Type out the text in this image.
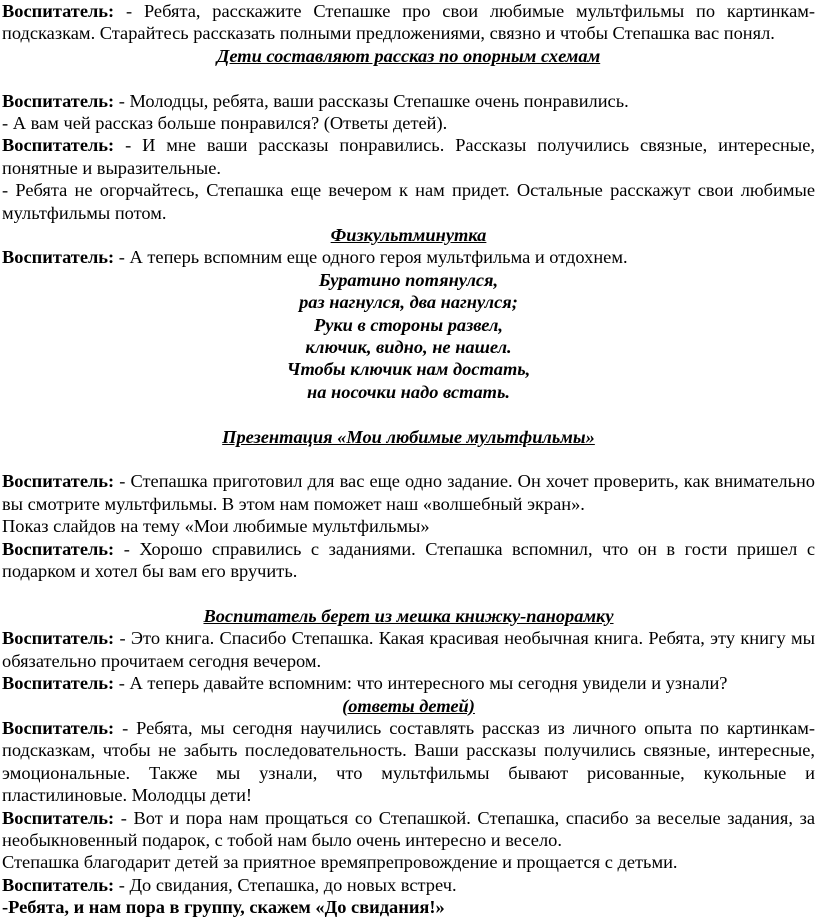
Воспитатель: - Ребята, расскажите Степашке про свои любимые мультфильмы по картинкам-подсказкам. Старайтесь рассказать полными предложениями, связно и чтобы Степашка вас понял.

Дети составляют рассказ по опорным схемам

Воспитатель: - Молодцы, ребята, ваши рассказы Степашке очень понравились.

- А вам чей рассказ больше понравился? (Ответы детей).

Воспитатель: - И мне ваши рассказы понравились. Рассказы получились связные, интересные, понятные и выразительные.

- Ребята не огорчайтесь, Степашка еще вечером к нам придет. Остальные расскажут свои любимые мультфильмы потом.

Физкультминутка

Воспитатель: - А теперь вспомним еще одного героя мультфильма и отдохнем.

Буратино потянулся,

раз нагнулся, два нагнулся;

Руки в стороны развел,

ключик, видно, не нашел.

Чтобы ключик нам достать,

на носочки надо встать.

Презентация «Мои любимые мультфильмы»

Воспитатель: - Степашка приготовил для вас еще одно задание. Он хочет проверить, как внимательно вы смотрите мультфильмы. В этом нам поможет наш «волшебный экран».

Показ слайдов на тему «Мои любимые мультфильмы»

Воспитатель: - Хорошо справились с заданиями. Степашка вспомнил, что он в гости пришел с подарком и хотел бы вам его вручить.

Воспитатель берет из мешка книжку-панорамку

Воспитатель: - Это книга. Спасибо Степашка. Какая красивая необычная книга. Ребята, эту книгу мы обязательно прочитаем сегодня вечером.

Воспитатель: - А теперь давайте вспомним: что интересного мы сегодня увидели и узнали?

(ответы детей)

Воспитатель: - Ребята, мы сегодня научились составлять рассказ из личного опыта по картинкам-подсказкам, чтобы не забыть последовательность. Ваши рассказы получились связные, интересные, эмоциональные. Также мы узнали, что мультфильмы бывают рисованные, кукольные и пластилиновые. Молодцы дети!

Воспитатель: - Вот и пора нам прощаться со Степашкой. Степашка, спасибо за веселые задания, за необыкновенный подарок, с тобой нам было очень интересно и весело.

Степашка благодарит детей за приятное времяпрепровождение и прощается с детьми.

Воспитатель: - До свидания, Степашка, до новых встреч.

-Ребята, и нам пора в группу, скажем «До свидания!»
